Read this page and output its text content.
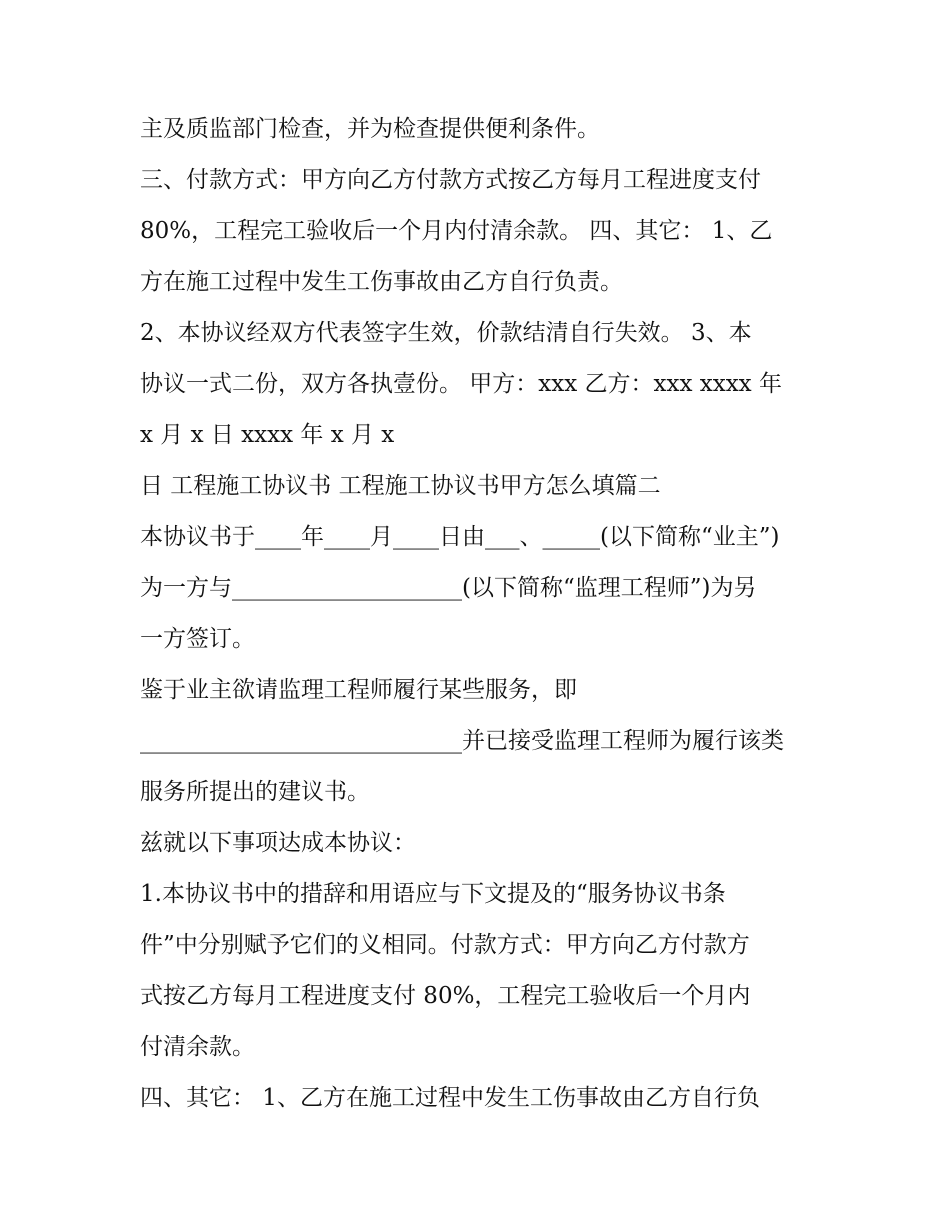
主及质监部门检查，并为检查提供便利条件。
三、付款方式：甲方向乙方付款方式按乙方每月工程进度支付
80%，工程完工验收后一个月内付清余款。 四、其它： 1、乙
方在施工过程中发生工伤事故由乙方自行负责。
2、本协议经双方代表签字生效，价款结清自行失效。 3、本
协议一式二份，双方各执壹份。 甲方：xxx 乙方：xxx xxxx 年
x 月 x 日 xxxx 年 x 月 x
日 工程施工协议书 工程施工协议书甲方怎么填篇二
本协议书于____年____月____日由___、_____(以下简称“业主”)
为一方与____________________(以下简称“监理工程师”)为另
一方签订。
鉴于业主欲请监理工程师履行某些服务，即
____________________________并已接受监理工程师为履行该类
服务所提出的建议书。
兹就以下事项达成本协议：
1.本协议书中的措辞和用语应与下文提及的“服务协议书条
件”中分别赋予它们的义相同。付款方式：甲方向乙方付款方
式按乙方每月工程进度支付 80%，工程完工验收后一个月内
付清余款。
四、其它： 1、乙方在施工过程中发生工伤事故由乙方自行负
